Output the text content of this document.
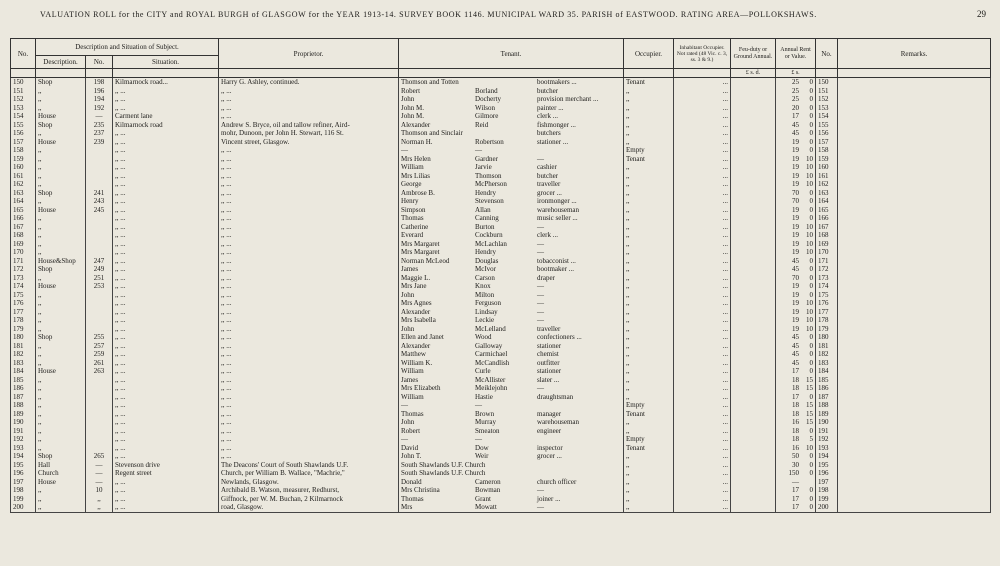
VALUATION ROLL for the CITY and ROYAL BURGH of GLASGOW for the YEAR 1913-14. SURVEY BOOK 1146. MUNICIPAL WARD 35. PARISH of EASTWOOD. RATING AREA—POLLOKSHAWS.	29
No.	Description and Situation of Subject.			Proprietor.	Tenant.	Occupier.	Inhabitant Occupier. Not rated (48 Vic. c. 3, ss. 3 & 9.)	Feu-duty or Ground Annual.	Annual Rent or Value.	No.	Remarks.
	Description.	No.	Situation.								
								£ s. d.	£ s.		
150	Shop	198	Kilmarnock road...	Harry G. Ashley, continued.	Thomson and Totten bootmakers ...	Tenant	...		25 0	150	
151	,,	196	,, ...	,, ...	Robert Borland butcher	,,	...		25 0	151	
152	,,	194	,, ...	,, ...	John Docherty provision merchant ...	,,	...		25 0	152	
153	,,	192	,, ...	,, ...	John M. Wilson painter ...	,,	...		20 0	153	
154	House	—	Carment lane	,, ...	John M. Gilmore clerk ...	,,	...		17 0	154	
155	Shop	235	Kilmarnock road	Andrew S. Bryce, oil and tallow refiner, Aird-	Alexander Reid fishmonger ...	,,	...		45 0	155	
156	,,	237	,, ...	mohr, Dunoon, per John H. Stewart, 116 St.	Thomson and Sinclair butchers	,,	...		45 0	156	
157	House	239	,, ...	Vincent street, Glasgow.	Norman H. Robertson stationer ...	,,	...		19 0	157	
158	,,		,, ...	,, ...	— —	Empty	...		19 0	158	
159	,,		,, ...	,, ...	Mrs Helen Gardner —	Tenant	...		19 10	159	
160	,,		,, ...	,, ...	William Jarvie cashier	,,	...		19 10	160	
161	,,		,, ...	,, ...	Mrs Lilias Thomson butcher	,,	...		19 10	161	
162	,,		,, ...	,, ...	George McPherson traveller	,,	...		19 10	162	
163	Shop	241	,, ...	,, ...	Ambrose B. Hendry grocer ...	,,	...		70 0	163	
164	,,	243	,, ...	,, ...	Henry Stevenson ironmonger ...	,,	...		70 0	164	
165	House	245	,, ...	,, ...	Simpson Allan warehouseman	,,	...		19 0	165	
166	,,		,, ...	,, ...	Thomas Canning music seller ...	,,	...		19 0	166	
167	,,		,, ...	,, ...	Catherine Burton —	,,	...		19 10	167	
168	,,		,, ...	,, ...	Everard Cockburn clerk ...	,,	...		19 10	168	
169	,,		,, ...	,, ...	Mrs Margaret McLachlan —	,,	...		19 10	169	
170	,,		,, ...	,, ...	Mrs Margaret Hendry —	,,	...		19 10	170	
171	House&Shop	247	,, ...	,, ...	Norman McLeod Douglas tobacconist ...	,,	...		45 0	171	
172	Shop	249	,, ...	,, ...	James McIvor bootmaker ...	,,	...		45 0	172	
173	,,	251	,, ...	,, ...	Maggie L. Carson draper	,,	...		70 0	173	
174	House	253	,, ...	,, ...	Mrs Jane Knox —	,,	...		19 0	174	
175	,,		,, ...	,, ...	John Milton —	,,	...		19 0	175	
176	,,		,, ...	,, ...	Mrs Agnes Ferguson —	,,	...		19 10	176	
177	,,		,, ...	,, ...	Alexander Lindsay —	,,	...		19 10	177	
178	,,		,, ...	,, ...	Mrs Isabella Leckie —	,,	...		19 10	178	
179	,,		,, ...	,, ...	John McLelland traveller	,,	...		19 10	179	
180	Shop	255	,, ...	,, ...	Ellen and Janet Wood confectioners ...	,,	...		45 0	180	
181	,,	257	,, ...	,, ...	Alexander Galloway stationer	,,	...		45 0	181	
182	,,	259	,, ...	,, ...	Matthew Carmichael chemist	,,	...		45 0	182	
183	,,	261	,, ...	,, ...	William K. McCandlish outfitter	,,	...		45 0	183	
184	House	263	,, ...	,, ...	William Curle stationer	,,	...		17 0	184	
185	,,		,, ...	,, ...	James McAllister slater ...	,,	...		18 15	185	
186	,,		,, ...	,, ...	Mrs Elizabeth Meiklejohn —	,,	...		18 15	186	
187	,,		,, ...	,, ...	William Hastie draughtsman	,,	...		17 0	187	
188	,,		,, ...	,, ...	— —	Empty	...		18 15	188	
189	,,		,, ...	,, ...	Thomas Brown manager	Tenant	...		18 15	189	
190	,,		,, ...	,, ...	John Murray warehouseman	,,	...		16 15	190	
191	,,		,, ...	,, ...	Robert Smeaton engineer	,,	...		18 0	191	
192	,,		,, ...	,, ...	— —	Empty	...		18 5	192	
193	,,		,, ...	,, ...	David Dow inspector	Tenant	...		16 10	193	
194	Shop	265	,, ...	,, ...	John T. Weir grocer ...	,,	...		50 0	194	
195	Hall	—	Stevenson drive	The Deacons' Court of South Shawlands U.F.	South Shawlands U.F. Church	,,	...		30 0	195	
196	Church	—	Regent street	Church, per William B. Wallace, "Machrie,"	South Shawlands U.F. Church	,,	...		150 0	196	
197	House	—	,, ...	Newlands, Glasgow.	Donald Cameron church officer	,,	...		—	197	
198	,,	10	,, ...	Archibald B. Watson, measurer, Redhurst,	Mrs Christina Bowman —	,,	...		17 0	198	
199	,,	,,	,, ...	Giffnock, per W. M. Buchan, 2 Kilmarnock	Thomas Grant joiner ...	,,	...		17 0	199	
200	,,	,,	,, ...	road, Glasgow.	Mrs Mowatt —	,,	...		17 0	200	
